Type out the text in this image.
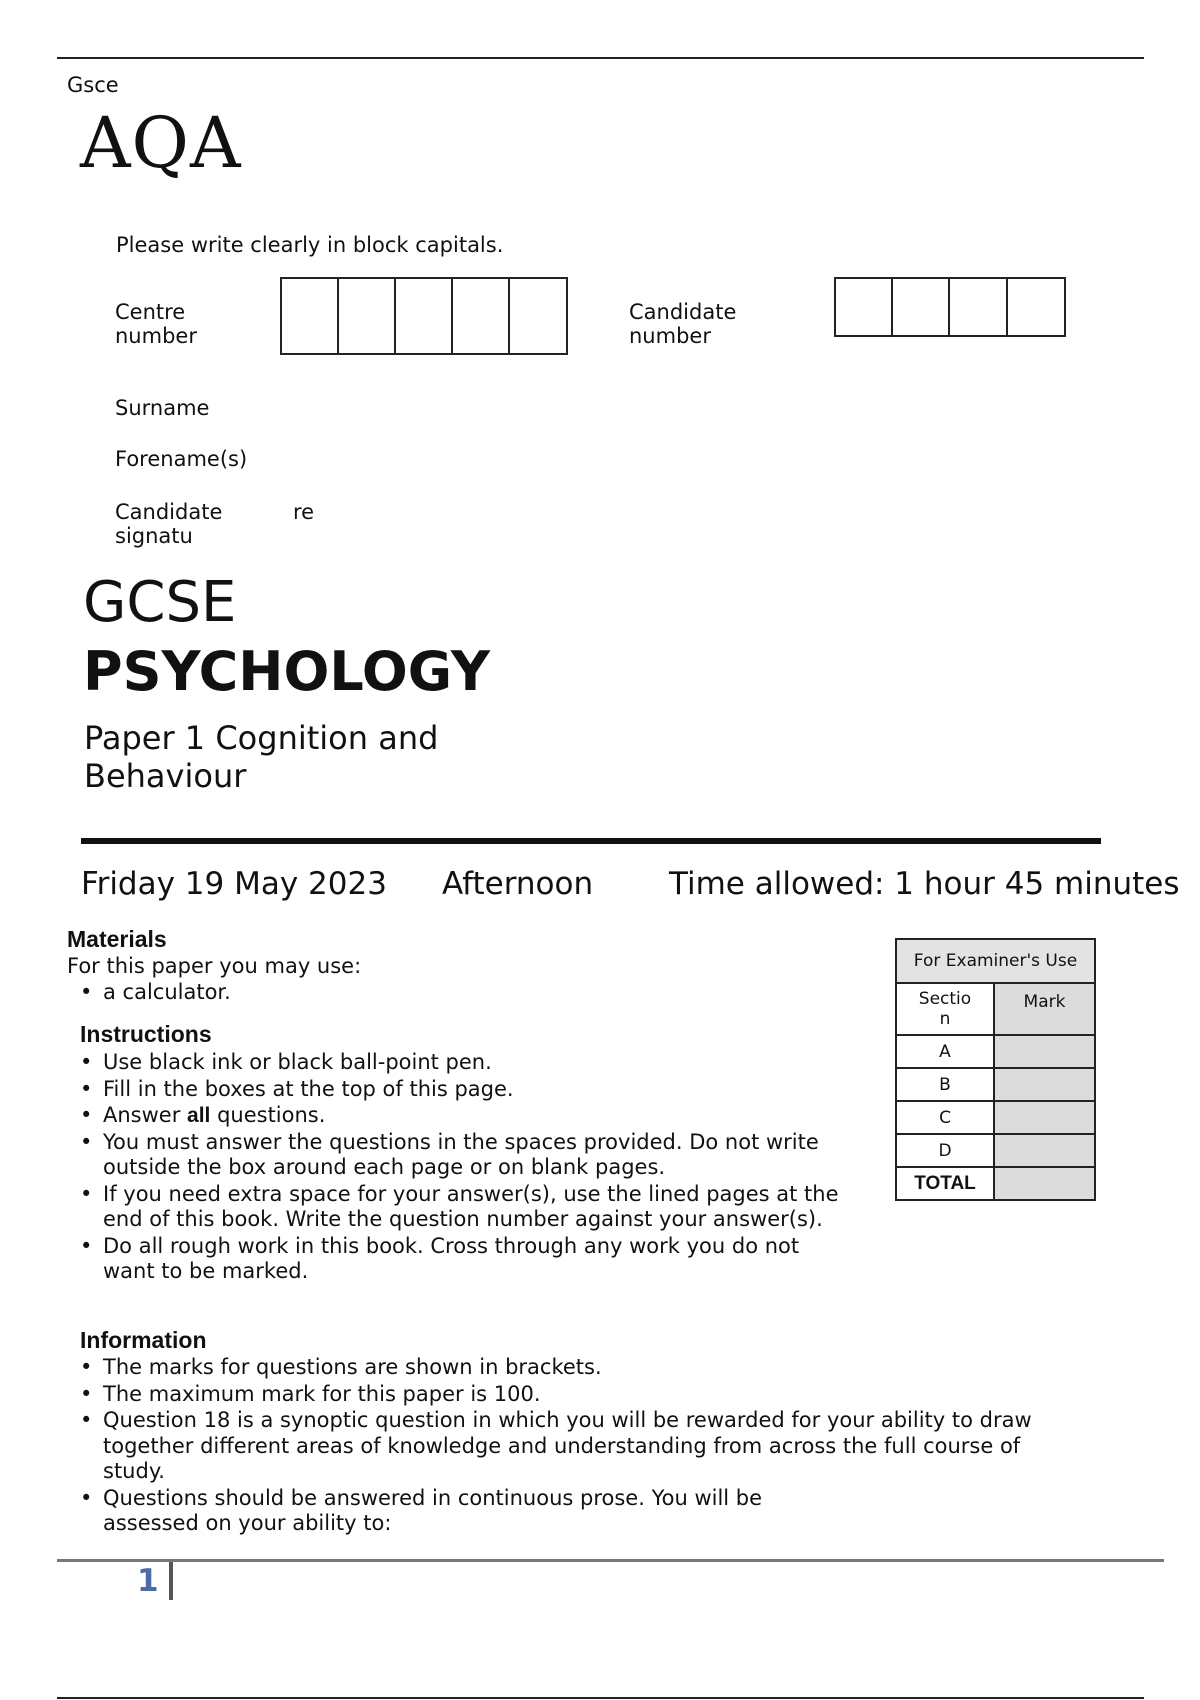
Gsce
AQA
Please write clearly in block capitals.
Centre
number
Candidate
number
Surname
Forename(s)
Candidate
signatu
re
GCSE
PSYCHOLOGY
Paper 1 Cognition and
Behaviour
Friday 19 May 2023 Afternoon Time allowed: 1 hour 45 minutes
Materials
For this paper you may use:
• a calculator.
Instructions
• Use black ink or black ball-point pen.
• Fill in the boxes at the top of this page.
• Answer all questions.
• You must answer the questions in the spaces provided. Do not write outside the box around each page or on blank pages.
• If you need extra space for your answer(s), use the lined pages at the end of this book. Write the question number against your answer(s).
• Do all rough work in this book. Cross through any work you do not want to be marked.
Information
• The marks for questions are shown in brackets.
• The maximum mark for this paper is 100.
• Question 18 is a synoptic question in which you will be rewarded for your ability to draw together different areas of knowledge and understanding from across the full course of study.
• Questions should be answered in continuous prose. You will be assessed on your ability to:
For Examiner's Use	

Sectio
n	Mark
A	
B	
C	
D	
TOTAL	
1
